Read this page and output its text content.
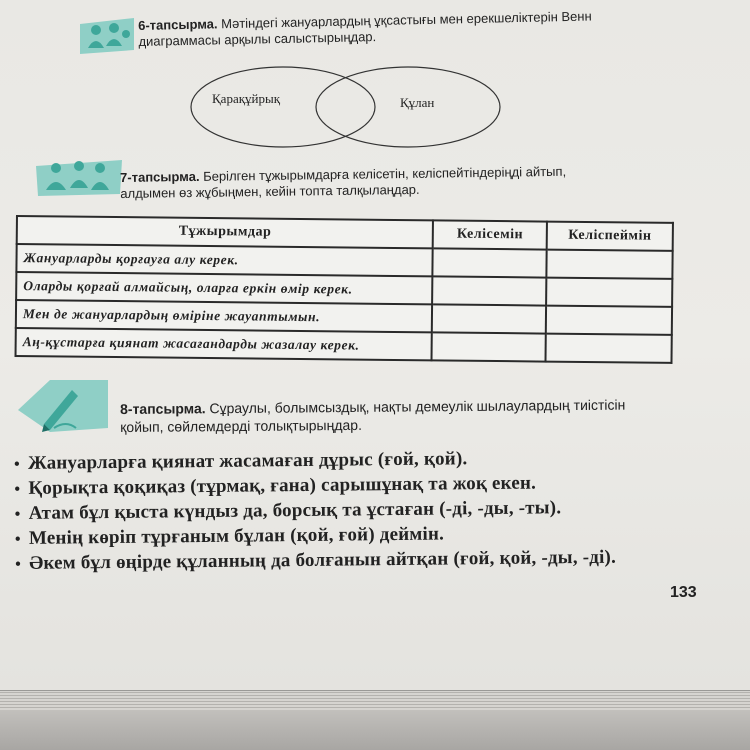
6-тапсырма. Мәтіндегі жануарлардың ұқсастығы мен ерекшеліктерін Венн
диаграммасы арқылы салыстырыңдар.
Қарақұйрық	Құлан
7-тапсырма. Берілген тұжырымдарға келісетін, келіспейтіндеріңді айтып,
алдымен өз жұбыңмен, кейін топта талқылаңдар.
Тұжырымдар	Келісемін	Келіспеймін
Жануарларды қорғауға алу керек.		
Оларды қорғай алмайсың, оларға еркін өмір керек.		
Мен де жануарлардың өміріне жауаптымын.		
Аң-құстарға қиянат жасағандарды жазалау керек.		
8-тапсырма. Сұраулы, болымсыздық, нақты демеулік шылаулардың тиістісін
қойып, сөйлемдерді толықтырыңдар.
• Жануарларға қиянат жасамаған дұрыс (ғой, қой).
• Қорықта қоқиқаз (тұрмақ, ғана) сарышұнақ та жоқ екен.
• Атам бұл қыста күндыз да, борсық та ұстаған (-ді, -ды, -ты).
• Менің көріп тұрғаным бұлан (қой, ғой) деймін.
• Әкем бұл өңірде құланның да болғанын айтқан (ғой, қой, -ды, -ді).
133
